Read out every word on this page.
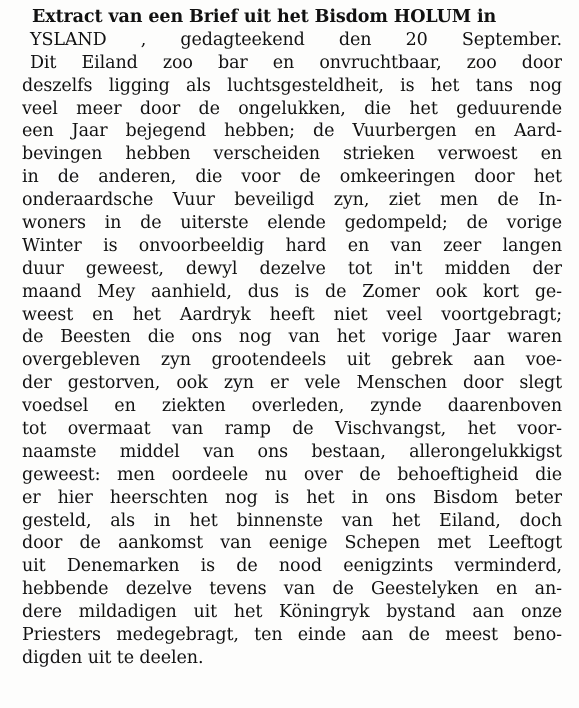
Extract van een Brief uit het Bisdom HOLUM in
YSLAND , gedagteekend den 20 September.
Dit Eiland zoo bar en onvruchtbaar, zoo door
deszelfs ligging als luchtsgesteldheit, is het tans nog
veel meer door de ongelukken, die het geduurende
een Jaar bejegend hebben; de Vuurbergen en Aard-
bevingen hebben verscheiden strieken verwoest en
in de anderen, die voor de omkeeringen door het
onderaardsche Vuur beveiligd zyn, ziet men de In-
woners in de uiterste elende gedompeld; de vorige
Winter is onvoorbeeldig hard en van zeer langen
duur geweest, dewyl dezelve tot in't midden der
maand Mey aanhield, dus is de Zomer ook kort ge-
weest en het Aardryk heeft niet veel voortgebragt;
de Beesten die ons nog van het vorige Jaar waren
overgebleven zyn grootendeels uit gebrek aan voe-
der gestorven, ook zyn er vele Menschen door slegt
voedsel en ziekten overleden, zynde daarenboven
tot overmaat van ramp de Vischvangst, het voor-
naamste middel van ons bestaan, allerongelukkigst
geweest: men oordeele nu over de behoeftigheid die
er hier heerschten nog is het in ons Bisdom beter
gesteld, als in het binnenste van het Eiland, doch
door de aankomst van eenige Schepen met Leeftogt
uit Denemarken is de nood eenigzints verminderd,
hebbende dezelve tevens van de Geestelyken en an-
dere mildadigen uit het Köningryk bystand aan onze
Priesters medegebragt, ten einde aan de meest beno-
digden uit te deelen.
